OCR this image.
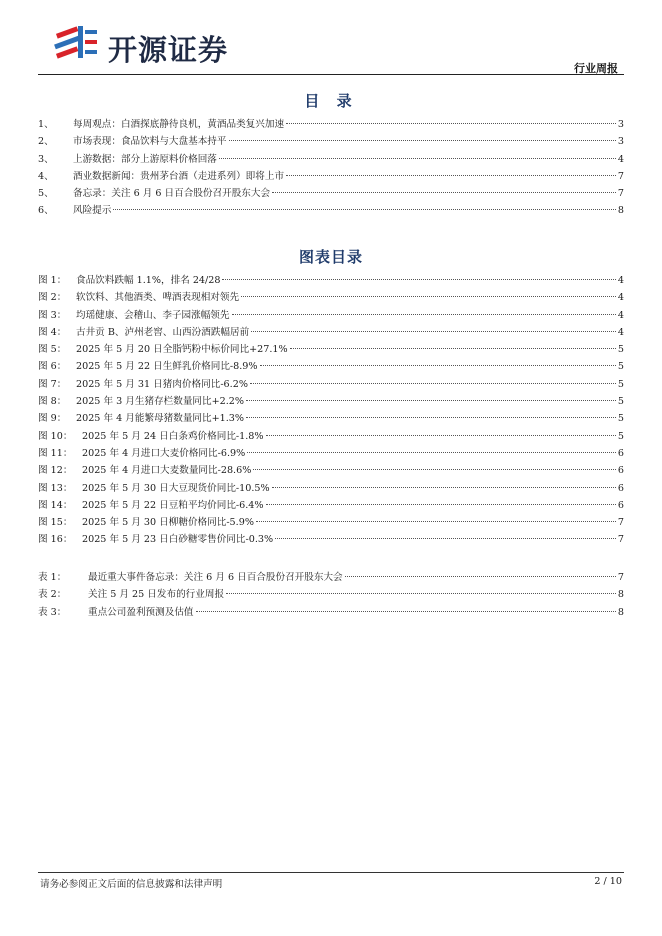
开源证券
行业周报
目 录
1、	每周观点：白酒探底静待良机，黄酒品类复兴加速	3
2、	市场表现：食品饮料与大盘基本持平	3
3、	上游数据：部分上游原料价格回落	4
4、	酒业数据新闻：贵州茅台酒（走进系列）即将上市	7
5、	备忘录：关注 6 月 6 日百合股份召开股东大会	7
6、	风险提示	8
图表目录
图 1：	食品饮料跌幅 1.1%，排名 24/28	4
图 2：	软饮料、其他酒类、啤酒表现相对领先	4
图 3：	均瑶健康、会稽山、李子园涨幅领先	4
图 4：	古井贡 B、泸州老窖、山西汾酒跌幅居前	4
图 5：	2025 年 5 月 20 日全脂钙粉中标价同比+27.1%	5
图 6：	2025 年 5 月 22 日生鲜乳价格同比-8.9%	5
图 7：	2025 年 5 月 31 日猪肉价格同比-6.2%	5
图 8：	2025 年 3 月生猪存栏数量同比+2.2%	5
图 9：	2025 年 4 月能繁母猪数量同比+1.3%	5
图 10： 2025 年 5 月 24 日白条鸡价格同比-1.8%	5
图 11： 2025 年 4 月进口大麦价格同比-6.9%	6
图 12： 2025 年 4 月进口大麦数量同比-28.6%	6
图 13： 2025 年 5 月 30 日大豆现货价同比-10.5%	6
图 14： 2025 年 5 月 22 日豆粕平均价同比-6.4%	6
图 15： 2025 年 5 月 30 日柳糖价格同比-5.9%	7
图 16： 2025 年 5 月 23 日白砂糖零售价同比-0.3%	7
表 1：	最近重大事件备忘录：关注 6 月 6 日百合股份召开股东大会	7
表 2：	关注 5 月 25 日发布的行业周报	8
表 3：	重点公司盈利预测及估值	8
请务必参阅正文后面的信息披露和法律声明	2 / 10
